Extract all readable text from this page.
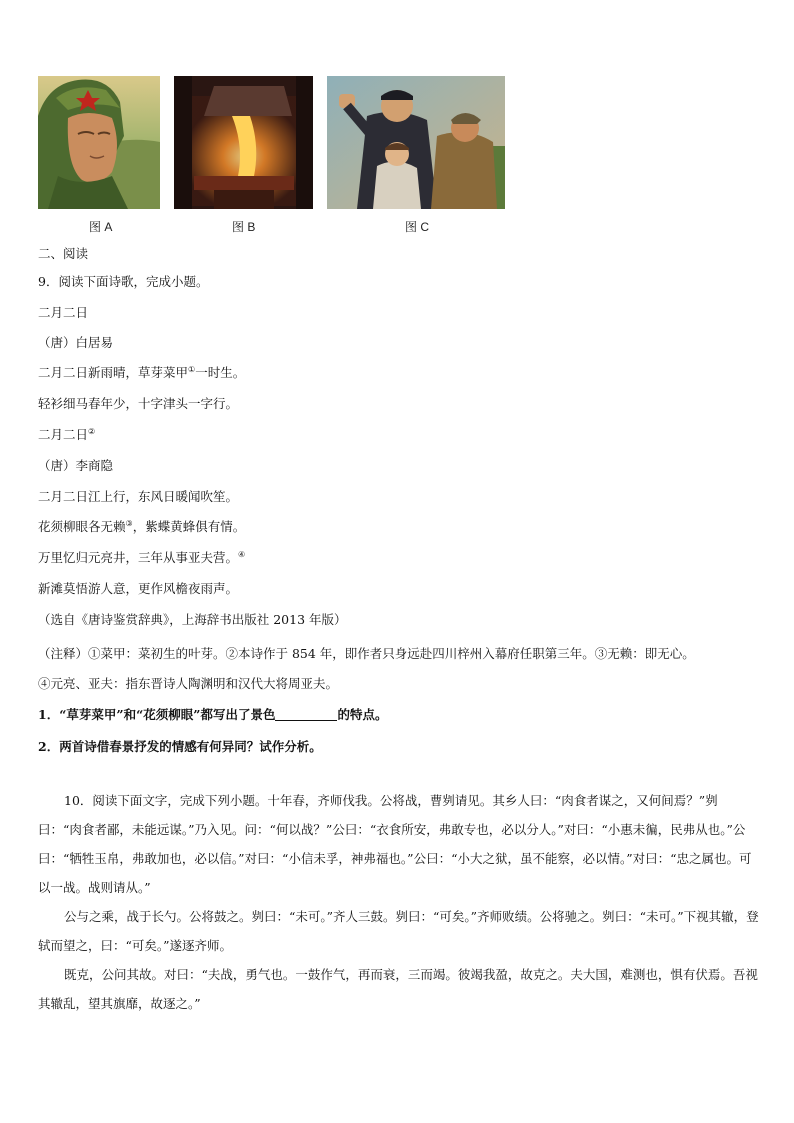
图 A	图 B	图 C
二、阅读
9．阅读下面诗歌，完成小题。
二月二日
（唐）白居易
二月二日新雨晴，草芽菜甲①一时生。
轻衫细马春年少，十字津头一字行。
二月二日②
（唐）李商隐
二月二日江上行，东风日暖闻吹笙。
花须柳眼各无赖③，紫蝶黄蜂俱有情。
万里忆归元亮井，三年从事亚夫营。④
新滩莫悟游人意，更作风檐夜雨声。
（选自《唐诗鉴赏辞典》，上海辞书出版社 2013 年版）
（注释）①菜甲：菜初生的叶芽。②本诗作于 854 年，即作者只身远赴四川梓州入幕府任职第三年。③无赖：即无心。
④元亮、亚夫：指东晋诗人陶渊明和汉代大将周亚夫。
1．“草芽菜甲”和“花须柳眼”都写出了景色	的特点。
2．两首诗借春景抒发的情感有何异同？试作分析。

10．阅读下面文字，完成下列小题。十年春，齐师伐我。公将战，曹刿请见。其乡人曰：“肉食者谋之，又何间焉？”刿曰：“肉食者鄙，未能远谋。”乃入见。问：“何以战？”公曰：“衣食所安，弗敢专也，必以分人。”对曰：“小惠未徧，民弗从也。”公曰：“牺牲玉帛，弗敢加也，必以信。”对曰：“小信未孚，神弗福也。”公曰：“小大之狱，虽不能察，必以情。”对曰：“忠之属也。可以一战。战则请从。”

公与之乘，战于长勺。公将鼓之。刿曰：“未可。”齐人三鼓。刿曰：“可矣。”齐师败绩。公将驰之。刿曰：“未可。”下视其辙，登轼而望之，曰：“可矣。”遂逐齐师。

既克，公问其故。对曰：“夫战，勇气也。一鼓作气，再而衰，三而竭。彼竭我盈，故克之。夫大国，难测也，惧有伏焉。吾视其辙乱，望其旗靡，故逐之。”
